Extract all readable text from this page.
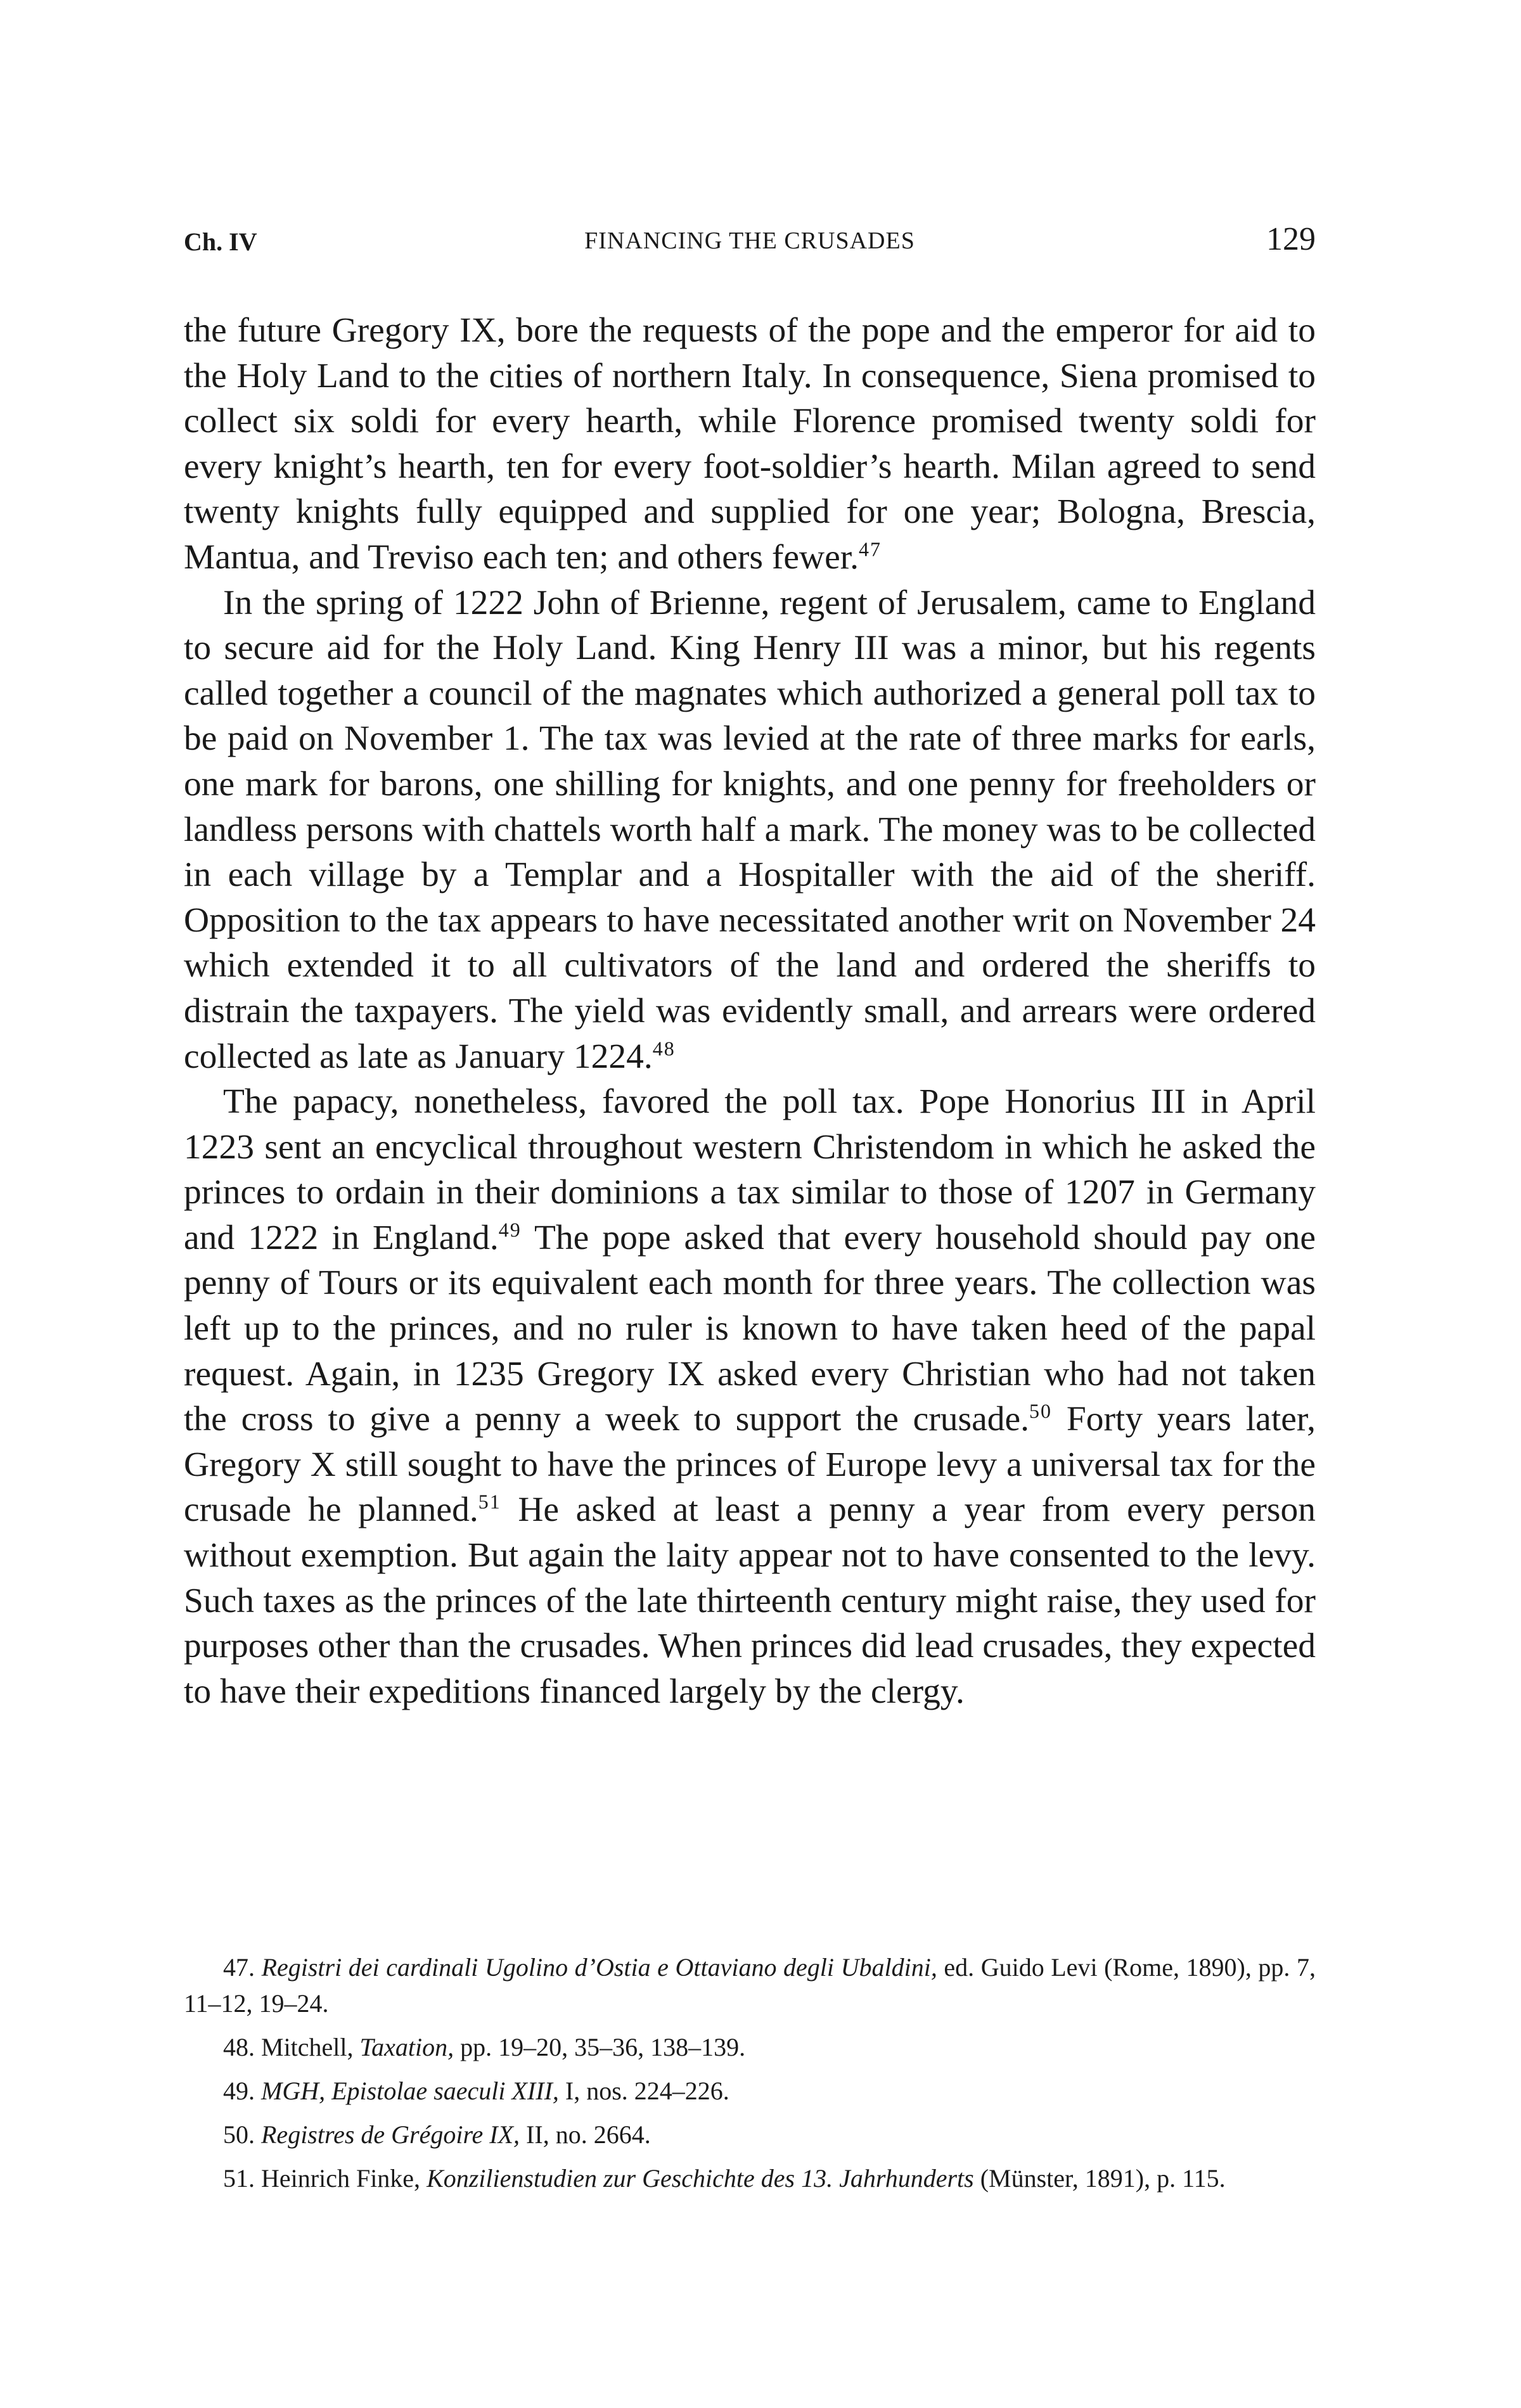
Ch. IV	FINANCING THE CRUSADES	129

the future Gregory IX, bore the requests of the pope and the emperor for aid to the Holy Land to the cities of northern Italy. In consequence, Siena promised to collect six soldi for every hearth, while Florence promised twenty soldi for every knight’s hearth, ten for every foot-soldier’s hearth. Milan agreed to send twenty knights fully equipped and supplied for one year; Bologna, Brescia, Mantua, and Treviso each ten; and others fewer.$^{47}$

In the spring of 1222 John of Brienne, regent of Jerusalem, came to England to secure aid for the Holy Land. King Henry III was a minor, but his regents called together a council of the magnates which authorized a general poll tax to be paid on November 1. The tax was levied at the rate of three marks for earls, one mark for barons, one shilling for knights, and one penny for freeholders or landless persons with chattels worth half a mark. The money was to be collected in each village by a Templar and a Hospitaller with the aid of the sheriff. Opposition to the tax appears to have necessitated another writ on November 24 which extended it to all cultivators of the land and ordered the sheriffs to distrain the taxpayers. The yield was evidently small, and arrears were ordered collected as late as January 1224.48

The papacy, nonetheless, favored the poll tax. Pope Honorius III in April 1223 sent an encyclical throughout western Christendom in which he asked the princes to ordain in their dominions a tax similar to those of 1207 in Germany and 1222 in England.$^{49}$ The pope asked that every household should pay one penny of Tours or its equivalent each month for three years. The collection was left up to the princes, and no ruler is known to have taken heed of the papal request. Again, in 1235 Gregory IX asked every Christian who had not taken the cross to give a penny a week to support the crusade.$^{50}$ Forty years later, Gregory X still sought to have the princes of Europe levy a universal tax for the crusade he planned.$^{51}$ He asked at least a penny a year from every person without exemption. But again the laity appear not to have consented to the levy. Such taxes as the princes of the late thirteenth century might raise, they used for purposes other than the crusades. When princes did lead crusades, they expected to have their expeditions financed largely by the clergy.

47. Registri dei cardinali Ugolino d’Ostia e Ottaviano degli Ubaldini, ed. Guido Levi (Rome, 1890), pp. 7, 11–12, 19–24.

48. Mitchell, Taxation, pp. 19–20, 35–36, 138–139.

49. MGH, Epistolae saeculi XIII, I, nos. 224–226.

50. Registres de Grégoire IX, II, no. 2664.

51. Heinrich Finke, Konzilienstudien zur Geschichte des 13. Jahrhunderts (Münster, 1891), p. 115.
